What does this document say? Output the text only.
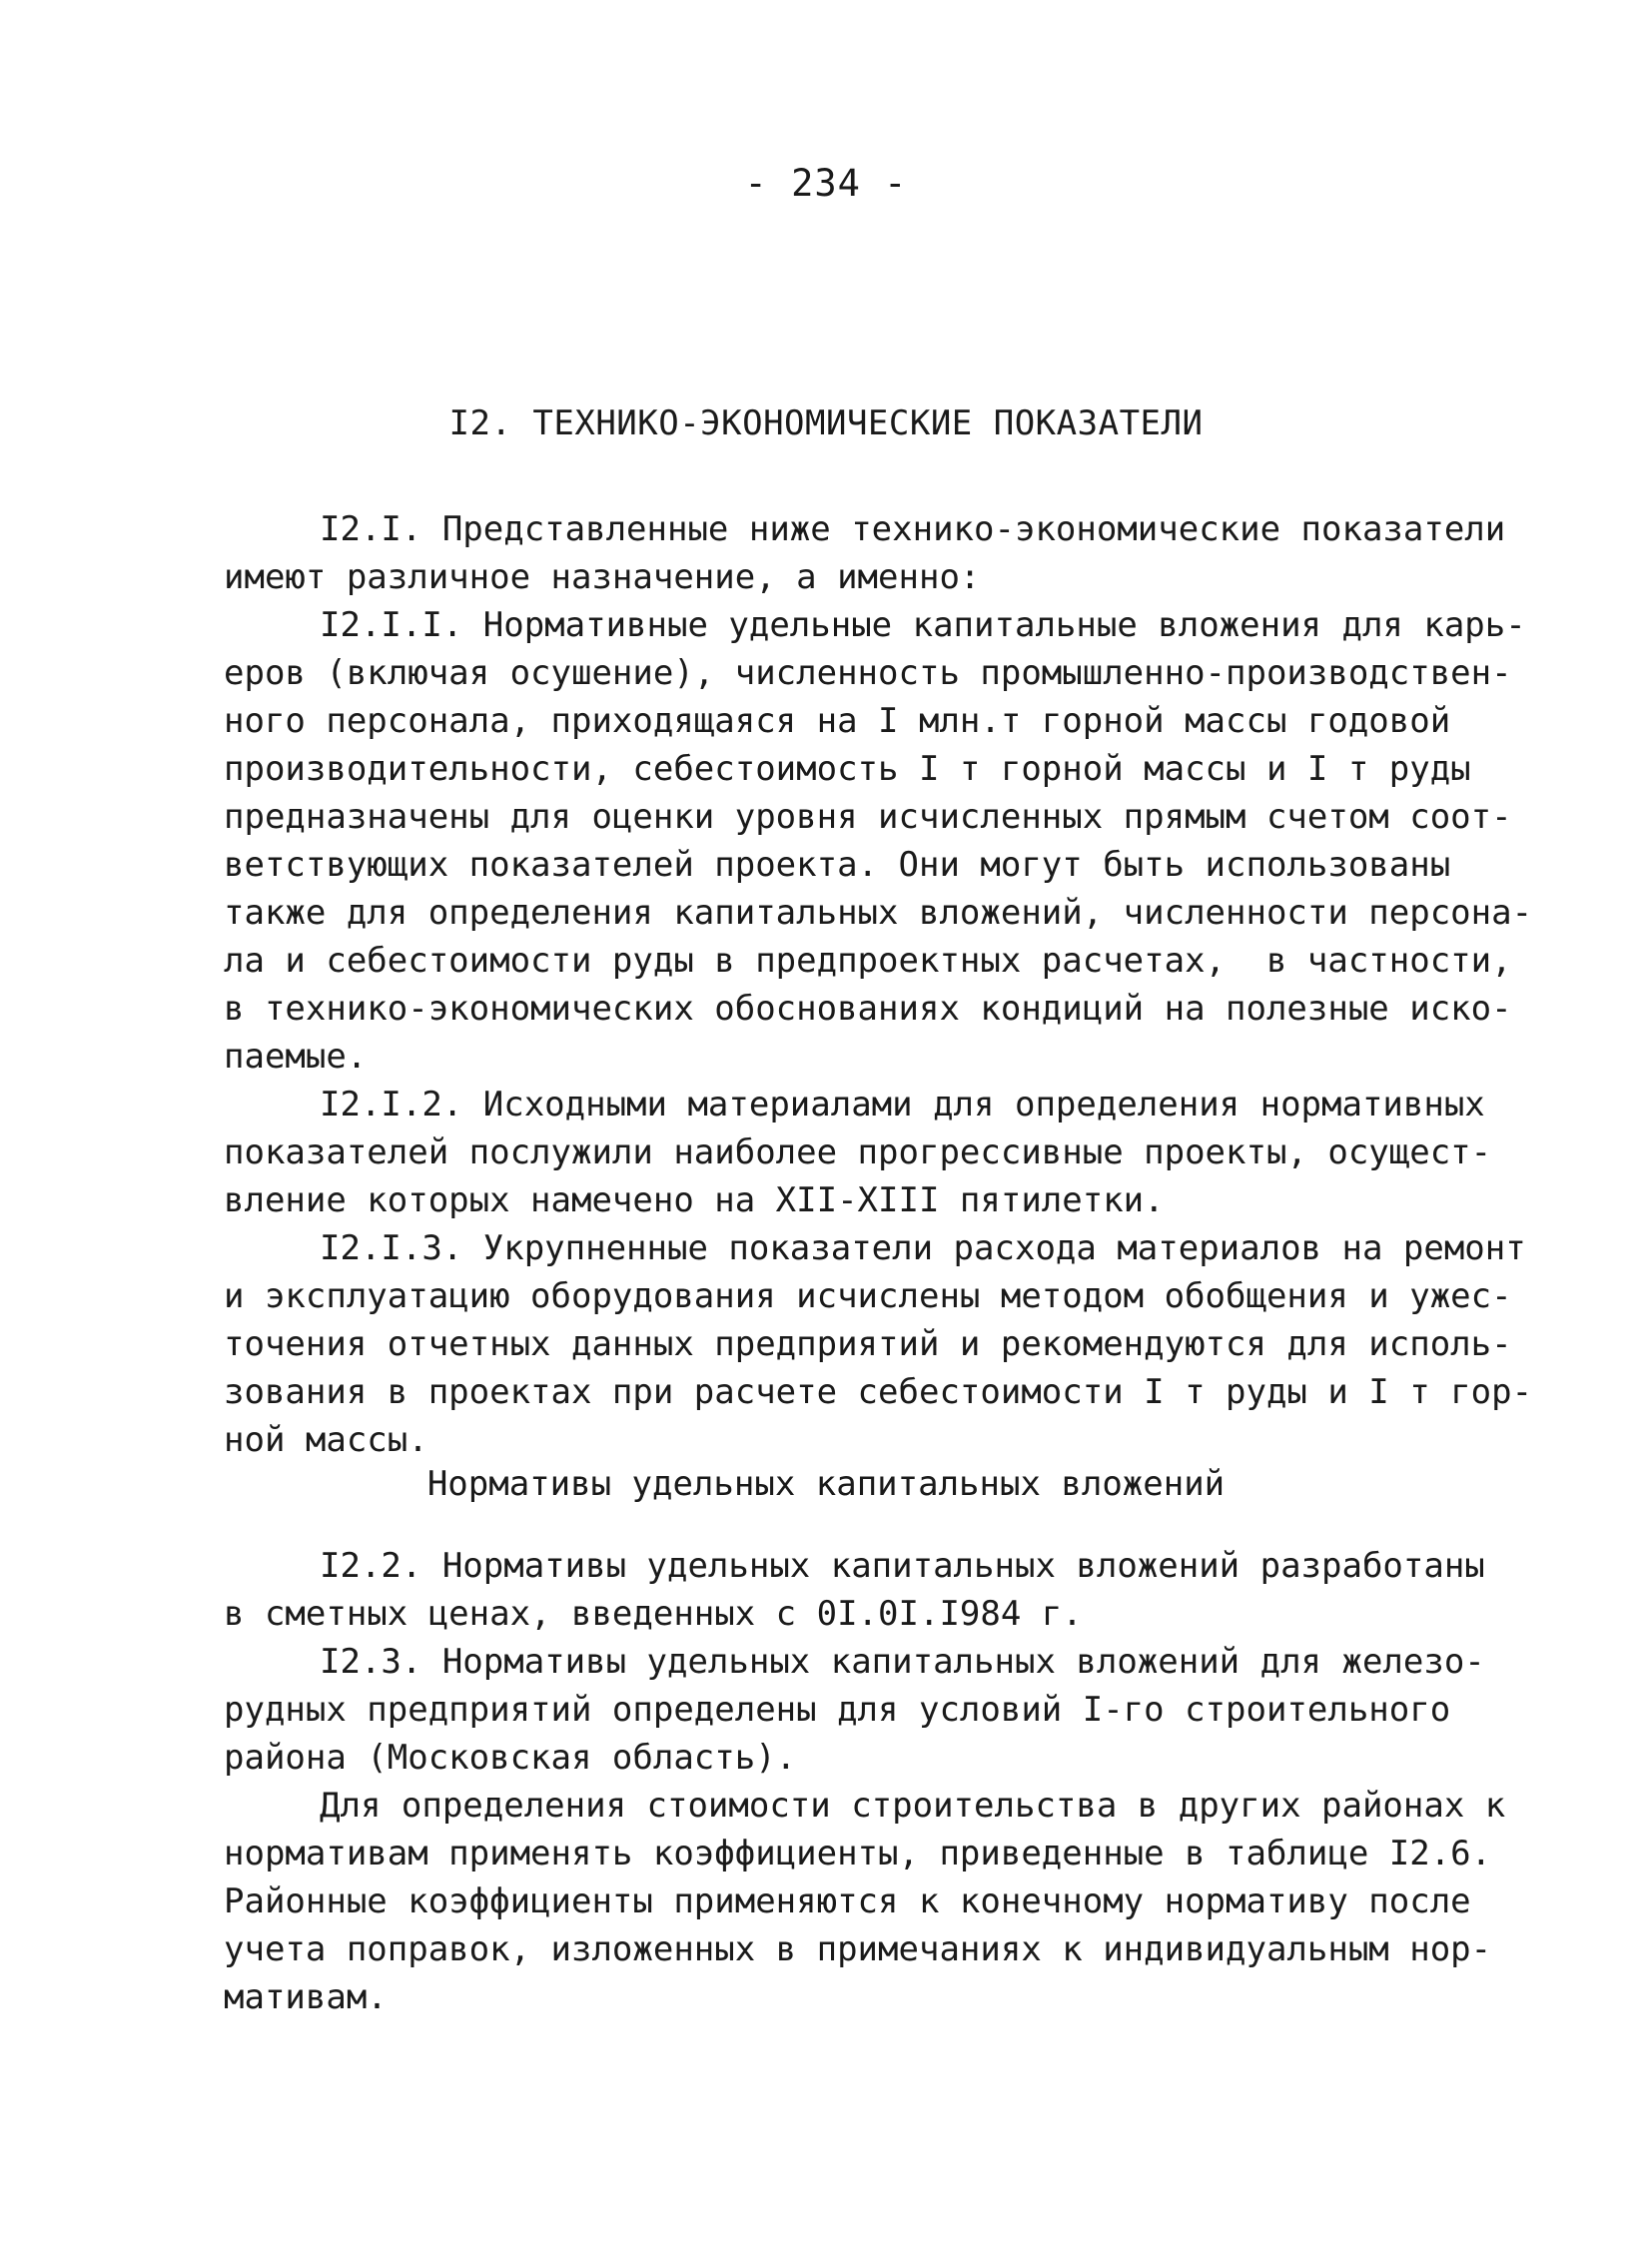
- 234 -
I2. ТЕХНИКО-ЭКОНОМИЧЕСКИЕ ПОКАЗАТЕЛИ
I2.I. Представленные ниже технико-экономические показатели
имеют различное назначение, а именно:
I2.I.I. Нормативные удельные капитальные вложения для карь-
еров (включая осушение), численность промышленно-производствен-
ного персонала, приходящаяся на I млн.т горной массы годовой
производительности, себестоимость I т горной массы и I т руды
предназначены для оценки уровня исчисленных прямым счетом соот-
ветствующих показателей проекта. Они могут быть использованы
также для определения капитальных вложений, численности персона-
ла и себестоимости руды в предпроектных расчетах,  в частности,
в технико-экономических обоснованиях кондиций на полезные иско-
паемые.
I2.I.2. Исходными материалами для определения нормативных
показателей послужили наиболее прогрессивные проекты, осущест-
вление которых намечено на XII-XIII пятилетки.
I2.I.3. Укрупненные показатели расхода материалов на ремонт
и эксплуатацию оборудования исчислены методом обобщения и ужес-
точения отчетных данных предприятий и рекомендуются для исполь-
зования в проектах при расчете себестоимости I т руды и I т гор-
ной массы.
Нормативы удельных капитальных вложений
I2.2. Нормативы удельных капитальных вложений разработаны
в сметных ценах, введенных с 0I.0I.I984 г.
I2.3. Нормативы удельных капитальных вложений для железо-
рудных предприятий определены для условий I-го строительного
района (Московская область).
Для определения стоимости строительства в других районах к
нормативам применять коэффициенты, приведенные в таблице I2.6.
Районные коэффициенты применяются к конечному нормативу после
учета поправок, изложенных в примечаниях к индивидуальным нор-
мативам.
